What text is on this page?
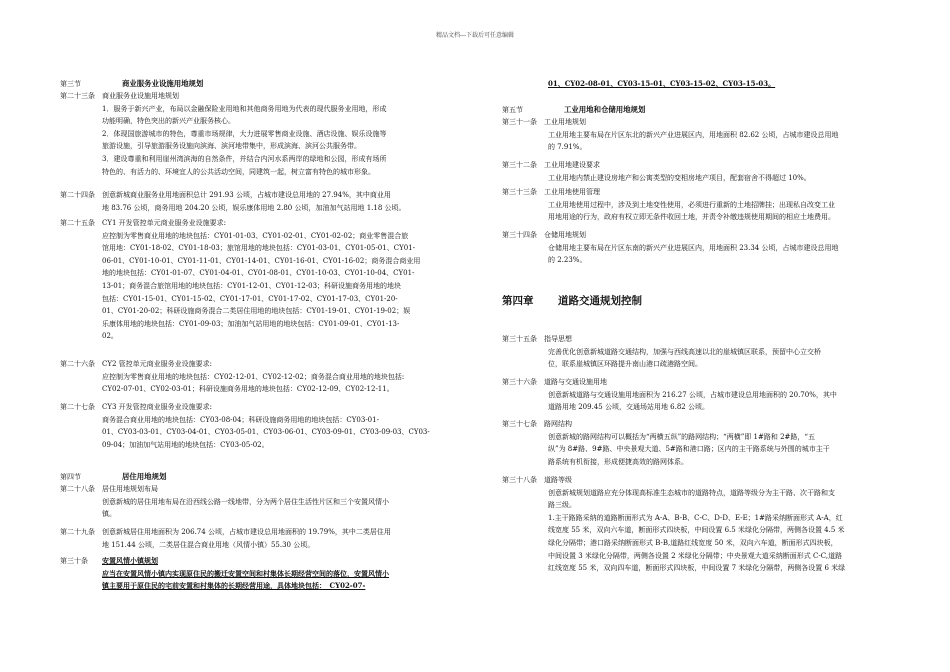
精品文档---下载后可任意编辑
第三节	商业服务业设施用地规划
第二十三条 商业服务业设施用地规划
1．服务于新兴产业，布局以金融保险业用地和其他商务用地为代表的现代服务业用地，形成
功能明确，特色突出的新兴产业服务核心。
2．体现国旅游城市的特色，尊重市场规律，大力进展零售商业设施、酒店设施、娱乐设施等
旅游设施，引导旅游服务设施向滨海、滨河地带集中，形成滨海、滨河公共服务带。
3．建设尊重和利用崖州湾滨海的自然条件，并结合内河水系两岸的绿地和公园，形成有场所
特色的、有活力的、环境宜人的公共活动空间，同建筑一起，树立富有特色的城市形象。
第二十四条 创意新城商业服务业用地面积总计 291.93 公顷，占城市建设总用地的 27.94%，其中商业用
地 83.76 公顷，商务用地 204.20 公顷，娱乐康体用地 2.80 公顷，加油加气站用地 1.18 公顷。
第二十五条 CY1 开发管控单元商业服务业设施要求:
应控制为零售商业用地的地块包括：CY01-01-03、CY01-02-01、CY01-02-02；商业零售混合旅
馆用地：CY01-18-02、CY01-18-03；旅馆用地的地块包括：CY01-03-01、CY01-05-01、CY01-
06-01、CY01-10-01、CY01-11-01、CY01-14-01、CY01-16-01、CY01-16-02；商务混合商业用
地的地块包括：CY01-01-07、CY01-04-01、CY01-08-01、CY01-10-03、CY01-10-04、CY01-
13-01；商务混合旅馆用地的地块包括：CY01-12-01、CY01-12-03；科研设施商务用地的地块
包括：CY01-15-01、CY01-15-02、CY01-17-01、CY01-17-02、CY01-17-03、CY01-20-
01、CY01-20-02；科研设施商务混合二类居住用地的地块包括：CY01-19-01、CY01-19-02；娱
乐康体用地的地块包括：CY01-09-03；加油加气站用地的地块包括：CY01-09-01、CY01-13-
02。
第二十六条 CY2 管控单元商业服务业设施要求:
应控制为零售商业用地的地块包括：CY02-12-01、CY02-12-02；商务混合商业用地的地块包括:
CY02-07-01、CY02-03-01；科研设施商务用地的地块包括：CY02-12-09、CY02-12-11。
第二十七条 CY3 开发管控商业服务业设施要求:
商务混合商业用地的地块包括：CY03-08-04；科研设施商务用地的地块包括：CY03-01-
01、CY03-03-01、CY03-04-01、CY03-05-01、CY03-06-01、CY03-09-01、CY03-09-03、CY03-
09-04；加油加气站用地的地块包括：CY03-05-02。
第四节	居住用地规划
第二十八条 居住用地规划布局
创意新城的居住用地布局在沿西线公路一线地带，分为两个居住生活性片区和三个安置风情小
镇。
第二十九条 创意新城居住用地面积为 206.74 公顷，占城市建设总用地面积的 19.79%，其中二类居住用
地 151.44 公顷，二类居住混合商业用地（风情小镇）55.30 公顷。
第三十条 安置风情小镇规划
应当在安置风情小镇内实现原住民的搬迁安置空间和村集体长期经营空间的落位，安置风情小
镇主要用于原住民的宅前安置和村集体的长期经营用途，具体地块包括：　CY02-07-
01、CY02-08-01、CY03-15-01、CY03-15-02、CY03-15-03。
第五节	工业用地和仓储用地规划
第三十一条 工业用地规划
工业用地主要布局在片区东北的新兴产业进展区内，用地面积 82.62 公顷，占城市建设总用地
的 7.91%。
第三十二条 工业用地建设要求
工业用地内禁止建设房地产和公寓类型的变相房地产项目，配套宿舍不得超过 10%。
第三十三条 工业用地使用管理
工业用地使用过程中，涉及到土地变性使用，必须进行重新的土地招牌挂；出现私自改变工业
用地用途的行为，政府有权立即无条件收回土地，并责令补缴违规使用期间的相应土地费用。
第三十四条 仓储用地规划
仓储用地主要布局在片区东南的新兴产业进展区内，用地面积 23.34 公顷，占城市建设总用地
的 2.23%。
第四章 道路交通规划控制
第三十五条 指导思想
完善优化创意新城道路交通结构，加强与西线高速以北的崖城镇区联系，预留中心立交桥
位，联系崖城镇区环路提升南山港口疏港路空间。
第三十六条 道路与交通设施用地
创意新城道路与交通设施用地面积为 216.27 公顷，占城市建设总用地面积的 20.70%，其中
道路用地 209.45 公顷，交通场站用地 6.82 公顷。
第三十七条 路网结构
创意新城的路网结构可以概括为“两横五纵”的路网结构；“两横”即 1#路和 2#路，“五
纵”为 8#路、9#路、中央景观大道、5#路和港口路；区内的主干路系统与外围的城市主干
路系统有机衔接，形成便捷高效的路网体系。
第三十八条 道路等级
创意新城规划道路应充分体现高标准生态城市的道路特点，道路等级分为主干路、次干路和支
路三级。
1.主干路路采纳的道路断面形式为 A-A、B-B、C-C、D-D、E-E；1#路采纳断面形式 A-A，红
线宽度 55 米，双向六车道，断面形式四块板，中间设置 6.5 米绿化分隔带，两侧各设置 4.5 米
绿化分隔带；港口路采纳断面形式 B-B,道路红线宽度 50 米，双向六车道，断面形式四块板，
中间设置 3 米绿化分隔带，两侧各设置 2 米绿化分隔带；中央景观大道采纳断面形式 C-C,道路
红线宽度 55 米，双向四车道，断面形式四块板，中间设置 7 米绿化分隔带，两侧各设置 6 米绿
